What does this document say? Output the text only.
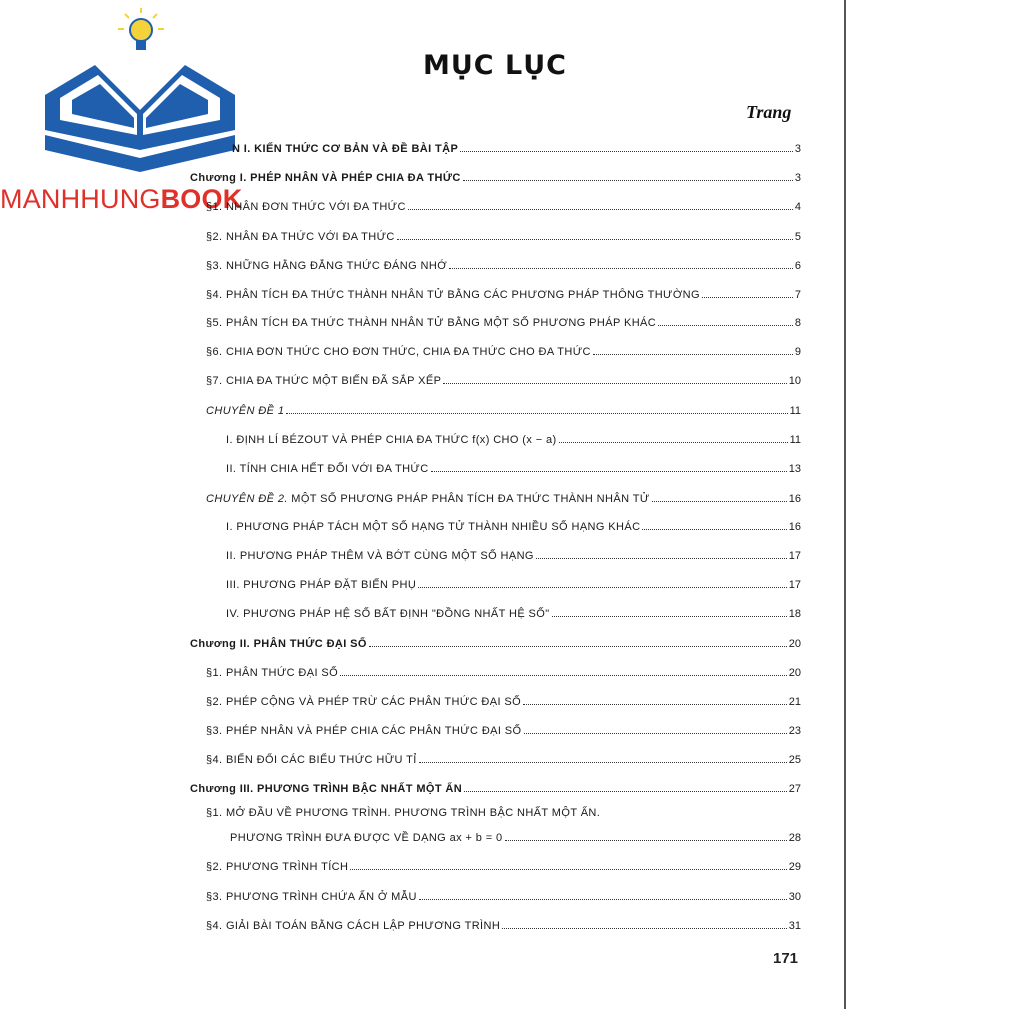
MANHHUNGBOOK
MỤC LỤC
Trang
N I. KIẾN THỨC CƠ BẢN VÀ ĐỀ BÀI TẬP	3
Chương I. PHÉP NHÂN VÀ PHÉP CHIA ĐA THỨC	3
§1. NHÂN ĐƠN THỨC VỚI ĐA THỨC	4
§2. NHÂN ĐA THỨC VỚI ĐA THỨC	5
§3. NHỮNG HẰNG ĐẲNG THỨC ĐÁNG NHỚ	6
§4. PHÂN TÍCH ĐA THỨC THÀNH NHÂN TỬ BẰNG CÁC PHƯƠNG PHÁP THÔNG THƯỜNG	7
§5. PHÂN TÍCH ĐA THỨC THÀNH NHÂN TỬ BẰNG MỘT SỐ PHƯƠNG PHÁP KHÁC	8
§6. CHIA ĐƠN THỨC CHO ĐƠN THỨC, CHIA ĐA THỨC CHO ĐA THỨC	9
§7. CHIA ĐA THỨC MỘT BIẾN ĐÃ SẮP XẾP	10
CHUYÊN ĐỀ 1	11
I. ĐỊNH LÍ BÉZOUT VÀ PHÉP CHIA ĐA THỨC f(x) CHO (x − a)	11
II. TÍNH CHIA HẾT ĐỐI VỚI ĐA THỨC	13
CHUYÊN ĐỀ 2. MỘT SỐ PHƯƠNG PHÁP PHÂN TÍCH ĐA THỨC THÀNH NHÂN TỬ	16
I. PHƯƠNG PHÁP TÁCH MỘT SỐ HẠNG TỬ THÀNH NHIỀU SỐ HẠNG KHÁC	16
II. PHƯƠNG PHÁP THÊM VÀ BỚT CÙNG MỘT SỐ HẠNG	17
III. PHƯƠNG PHÁP ĐẶT BIẾN PHỤ	17
IV. PHƯƠNG PHÁP HỆ SỐ BẤT ĐỊNH "ĐỒNG NHẤT HỆ SỐ"	18
Chương II. PHÂN THỨC ĐẠI SỐ	20
§1. PHÂN THỨC ĐẠI SỐ	20
§2. PHÉP CỘNG VÀ PHÉP TRỪ CÁC PHÂN THỨC ĐẠI SỐ	21
§3. PHÉP NHÂN VÀ PHÉP CHIA CÁC PHÂN THỨC ĐẠI SỐ	23
§4. BIẾN ĐỔI CÁC BIỂU THỨC HỮU TỈ	25
Chương III. PHƯƠNG TRÌNH BẬC NHẤT MỘT ẨN	27
§1. MỞ ĐẦU VỀ PHƯƠNG TRÌNH. PHƯƠNG TRÌNH BẬC NHẤT MỘT ẨN.
PHƯƠNG TRÌNH ĐƯA ĐƯỢC VỀ DẠNG ax + b = 0	28
§2. PHƯƠNG TRÌNH TÍCH	29
§3. PHƯƠNG TRÌNH CHỨA ẨN Ở MẪU	30
§4. GIẢI BÀI TOÁN BẰNG CÁCH LẬP PHƯƠNG TRÌNH	31
171
